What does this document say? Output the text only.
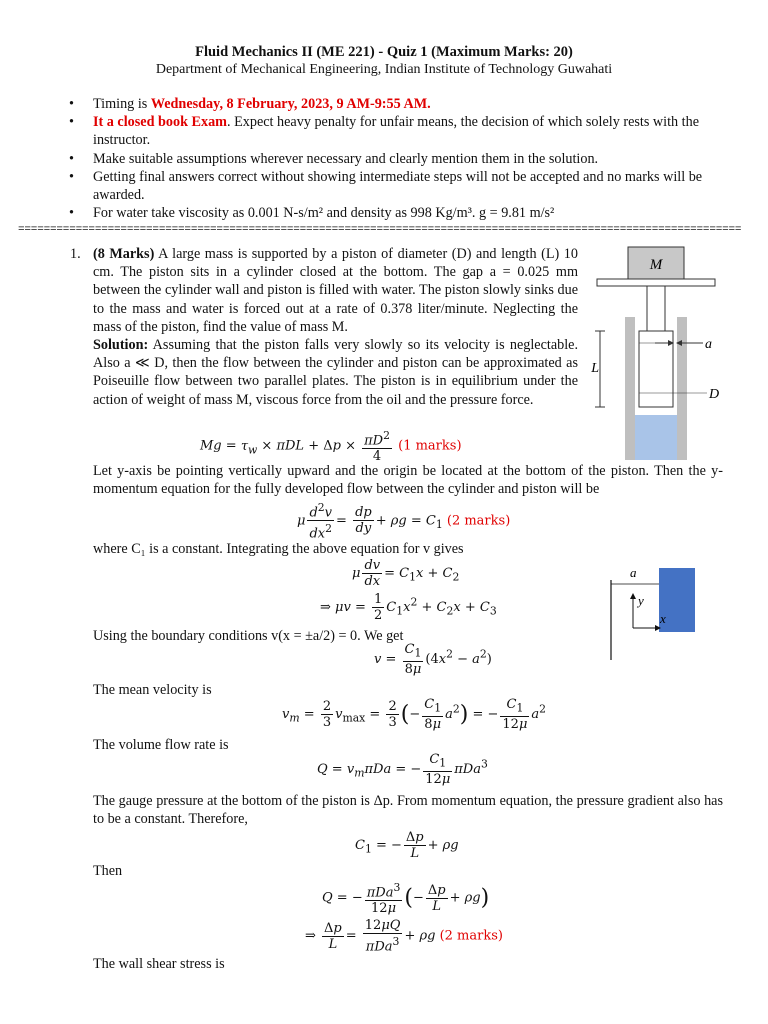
Fluid Mechanics II (ME 221) - Quiz 1 (Maximum Marks: 20)
Department of Mechanical Engineering, Indian Institute of Technology Guwahati
• Timing is Wednesday, 8 February, 2023, 9 AM-9:55 AM.
• It a closed book Exam. Expect heavy penalty for unfair means, the decision of which solely rests with the instructor.
• Make suitable assumptions wherever necessary and clearly mention them in the solution.
• Getting final answers correct without showing intermediate steps will not be accepted and no marks will be awarded.
• For water take viscosity as 0.001 N-s/m² and density as 998 Kg/m³. g = 9.81 m/s²
=================================================================================================================
1. (8 Marks) A large mass is supported by a piston of diameter (D) and length (L) 10 cm. The piston sits in a cylinder closed at the bottom. The gap a = 0.025 mm between the cylinder wall and piston is filled with water. The piston slowly sinks due to the mass and water is forced out at a rate of 0.378 liter/minute. Neglecting the mass of the piston, find the value of mass M.
Solution: Assuming that the piston falls very slowly so its velocity is neglectable. Also a ≪ D, then the flow between the cylinder and piston can be approximated as Poiseuille flow between two parallel plates. The piston is in equilibrium under the action of weight of mass M, viscous force from the oil and the pressure force.
M
a
L
D
$Mg = \tau_w \times \pi DL + \Delta p \times \frac{\pi D^2}{4} (1$ marks)
Let y-axis be pointing vertically upward and the origin be located at the bottom of the piston. Then the y-momentum equation for the fully developed flow between the cylinder and piston will be
μ $\frac{d^2v}{dx^2} = \frac{dp}{dy} + \rho g = C_1$ (2 marks)
where C₁ is a constant. Integrating the above equation for v gives
μ $\frac{dv}{dx} = C_1x + C_2$
⇒ $\mu v = \frac{1}{2} C_1x^2 + C_2x + C_3$
a
y
x
Using the boundary conditions v(x = ±a/2) = 0. We get
$v = \frac{C_1}{8\mu} (4x^2 - a^2)$
The mean velocity is
$v_m = \frac{2}{3} v_{max} = \frac{2}{3}$ (− $\frac{C_1}{8\mu} a^2$) = − $\frac{C_1}{12\mu} a^2$
The volume flow rate is
$Q = v_m\pi Da$ = − $\frac{C_1}{12\mu} \pi Da^3$
The gauge pressure at the bottom of the piston is Δp. From momentum equation, the pressure gradient also has to be a constant. Therefore,
$C_1$ = − $\frac{\Delta p}{L} + \rho g$
Then
Q = − $\frac{\pi Da^3}{12\mu}$ (− $\frac{\Delta p}{L} + \rho g$)
⇒ $\frac{\Delta p}{L} = \frac{12\mu Q}{\pi Da^3} + \rho g$ (2 marks)
The wall shear stress is
